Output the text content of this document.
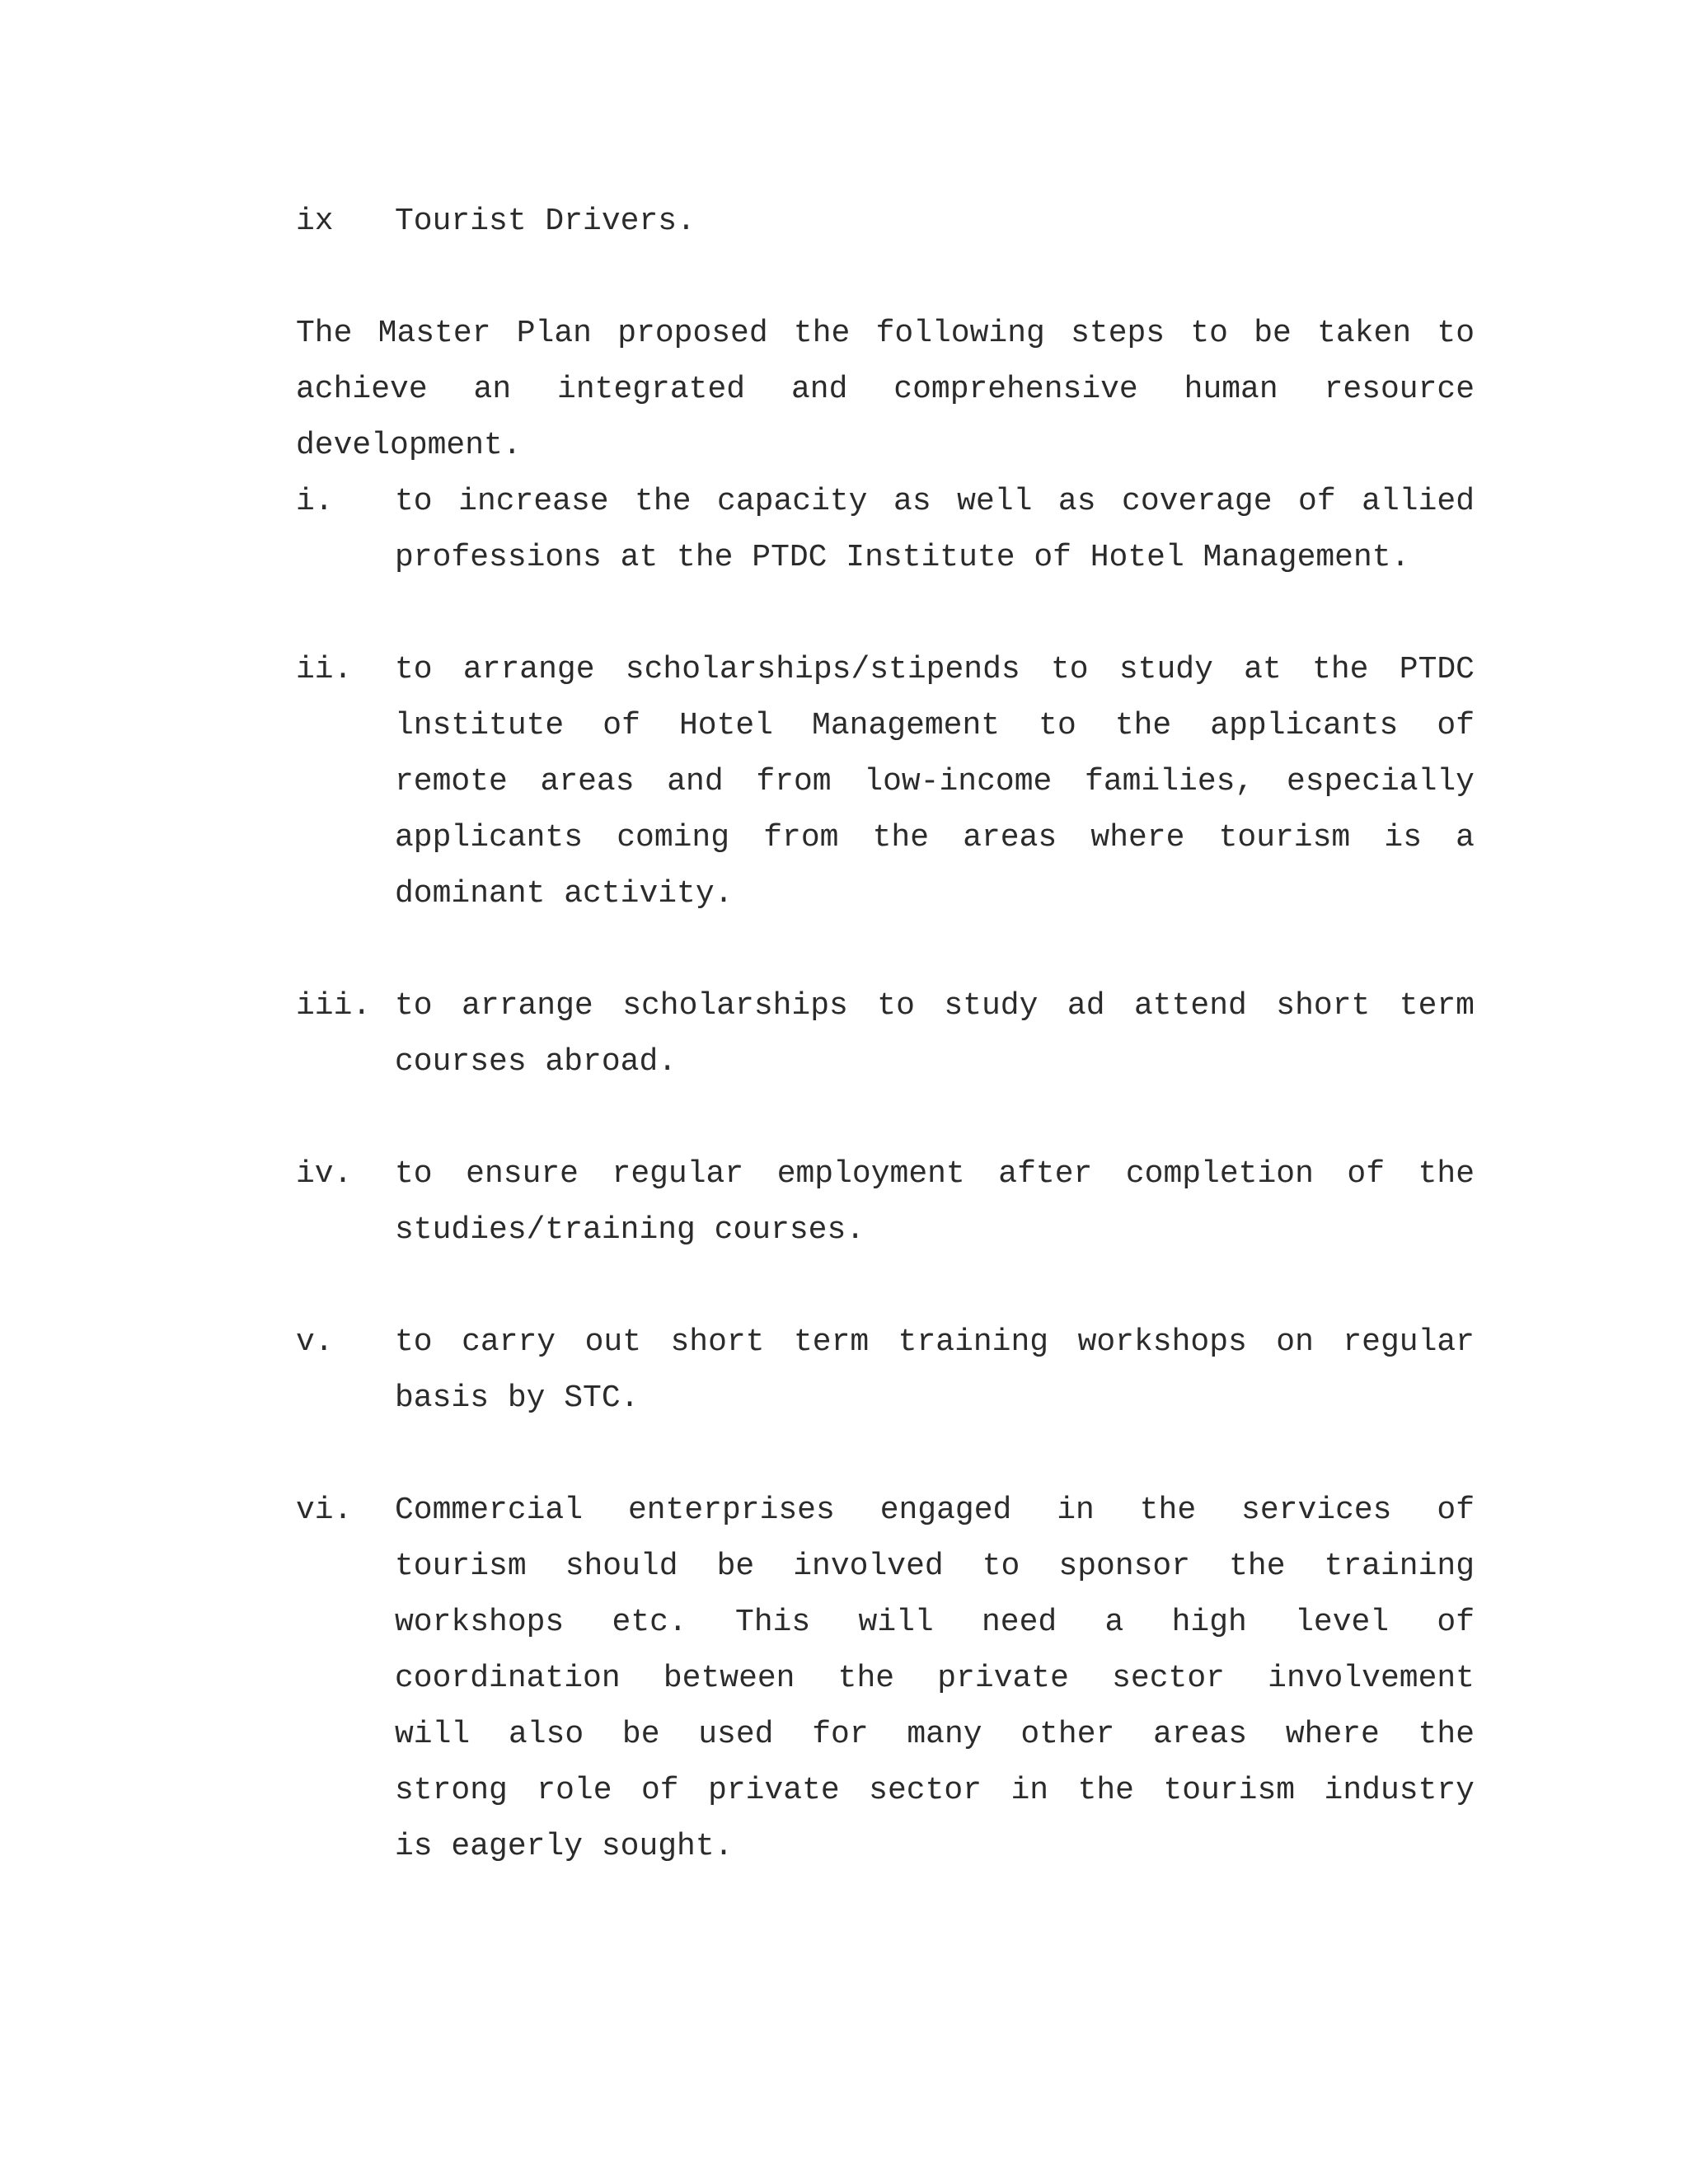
ix	Tourist Drivers.
The Master Plan proposed the following steps to be taken to
achieve an integrated and comprehensive human resource
development.
i.	to increase the capacity as well as coverage of allied
professions at the PTDC Institute of Hotel Management.
ii.	to arrange scholarships/stipends to study at the PTDC
lnstitute of Hotel Management to the applicants of
remote areas and from low-income families, especially
applicants coming from the areas where tourism is a
dominant activity.
iii. to arrange scholarships to study ad attend short term
courses abroad.
iv.	to ensure regular employment after completion of the
studies/training courses.
v.	to carry out short term training workshops on regular
basis by STC.
vi.	Commercial enterprises engaged in the services of
tourism should be involved to sponsor the training
workshops etc. This will need a high level of
coordination between the private sector involvement
will also be used for many other areas where the
strong role of private sector in the tourism industry
is eagerly sought.
